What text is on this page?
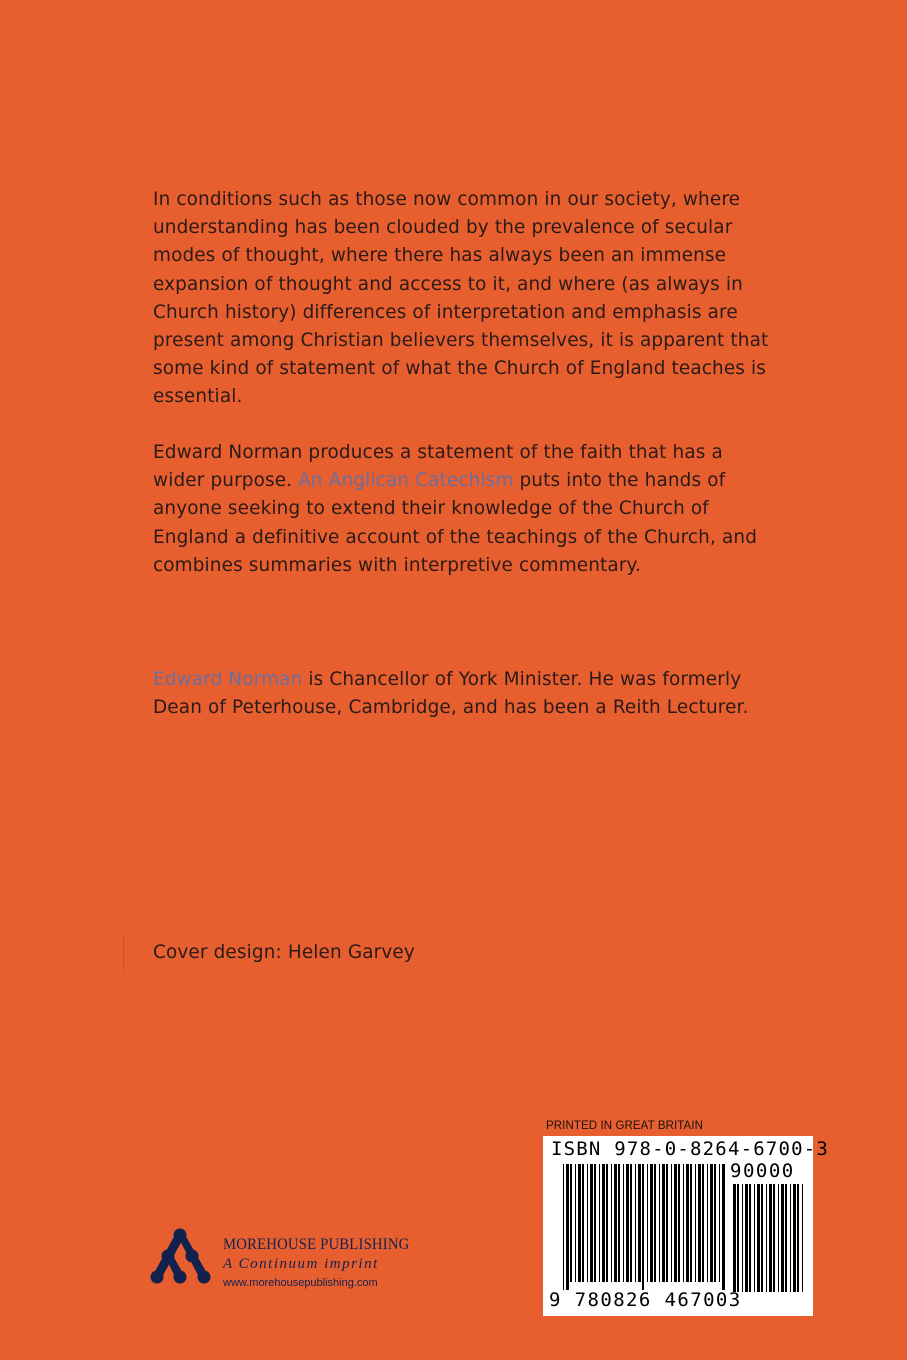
In conditions such as those now common in our society, where understanding has been clouded by the prevalence of secular modes of thought, where there has always been an immense expansion of thought and access to it, and where (as always in Church history) differences of interpretation and emphasis are present among Christian believers themselves, it is apparent that some kind of statement of what the Church of England teaches is essential.

Edward Norman produces a statement of the faith that has a wider purpose. An Anglican Catechism puts into the hands of anyone seeking to extend their knowledge of the Church of England a definitive account of the teachings of the Church, and combines summaries with interpretive commentary.

Edward Norman is Chancellor of York Minister. He was formerly Dean of Peterhouse, Cambridge, and has been a Reith Lecturer.

Cover design: Helen Garvey

PRINTED IN GREAT BRITAIN
ISBN 978-0-8264-6700-3
90000
9 780826 467003
MOREHOUSE PUBLISHING
A Continuum imprint
www.morehousepublishing.com
